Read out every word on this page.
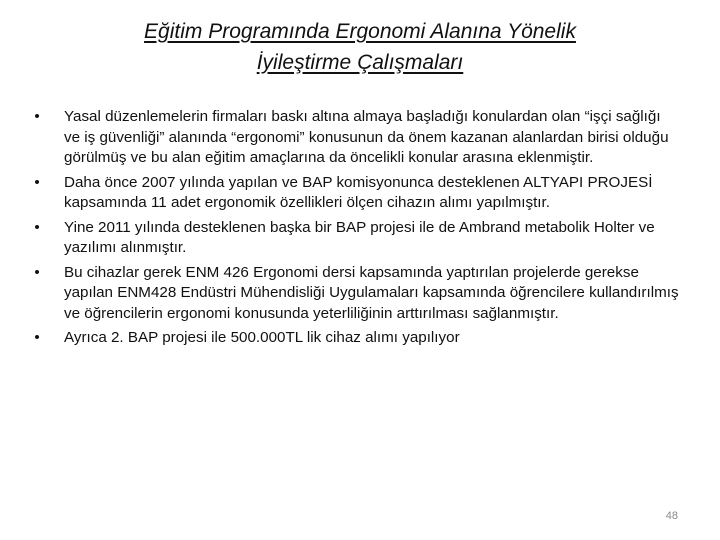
Eğitim Programında Ergonomi Alanına Yönelik
İyileştirme Çalışmaları
• Yasal düzenlemelerin firmaları baskı altına almaya başladığı konulardan olan “işçi sağlığı ve iş güvenliği” alanında “ergonomi” konusunun da önem kazanan alanlardan birisi olduğu görülmüş ve bu alan eğitim amaçlarına da öncelikli konular arasına eklenmiştir.
• Daha önce 2007 yılında yapılan ve BAP komisyonunca desteklenen ALTYAPI PROJESİ kapsamında 11 adet ergonomik özellikleri ölçen cihazın alımı yapılmıştır.
• Yine 2011 yılında desteklenen başka bir BAP projesi ile de Ambrand metabolik Holter ve yazılımı alınmıştır.
• Bu cihazlar gerek ENM 426 Ergonomi dersi kapsamında yaptırılan projelerde gerekse yapılan ENM428 Endüstri Mühendisliği Uygulamaları kapsamında öğrencilere kullandırılmış ve öğrencilerin ergonomi konusunda yeterliliğinin arttırılması sağlanmıştır.
• Ayrıca 2. BAP projesi ile 500.000TL lik cihaz alımı yapılıyor
48
